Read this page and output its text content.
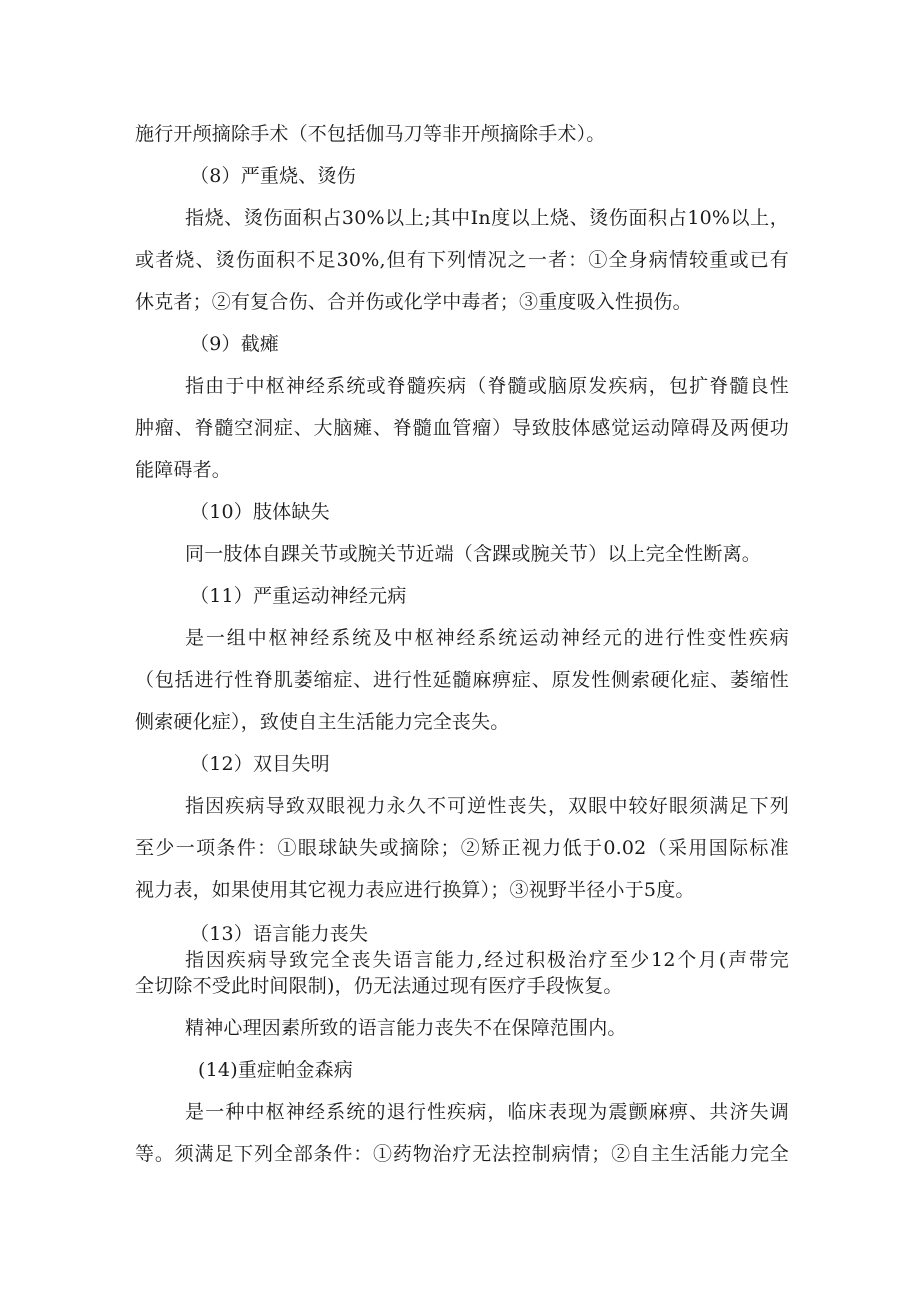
施行开颅摘除手术（不包括伽马刀等非开颅摘除手术）。
（8）严重烧、烫伤
指烧、烫伤面积占30%以上;其中In度以上烧、烫伤面积占10%以上，
或者烧、烫伤面积不足30%,但有下列情况之一者：①全身病情较重或已有
休克者；②有复合伤、合并伤或化学中毒者；③重度吸入性损伤。
（9）截瘫
指由于中枢神经系统或脊髓疾病（脊髓或脑原发疾病，包扩脊髓良性
肿瘤、脊髓空洞症、大脑瘫、脊髓血管瘤）导致肢体感觉运动障碍及两便功
能障碍者。
（10）肢体缺失
同一肢体自踝关节或腕关节近端（含踝或腕关节）以上完全性断离。
（11）严重运动神经元病
是一组中枢神经系统及中枢神经系统运动神经元的进行性变性疾病
（包括进行性脊肌萎缩症、进行性延髓麻痹症、原发性侧索硬化症、萎缩性
侧索硬化症），致使自主生活能力完全丧失。
（12）双目失明
指因疾病导致双眼视力永久不可逆性丧失，双眼中较好眼须满足下列
至少一项条件：①眼球缺失或摘除；②矫正视力低于0.02（采用国际标准
视力表，如果使用其它视力表应进行换算）；③视野半径小于5度。
（13）语言能力丧失
指因疾病导致完全丧失语言能力,经过积极治疗至少12个月(声带完
全切除不受此时间限制)，仍无法通过现有医疗手段恢复。
精神心理因素所致的语言能力丧失不在保障范围内。
(14)重症帕金森病
是一种中枢神经系统的退行性疾病，临床表现为震颤麻痹、共济失调
等。须满足下列全部条件：①药物治疗无法控制病情；②自主生活能力完全
